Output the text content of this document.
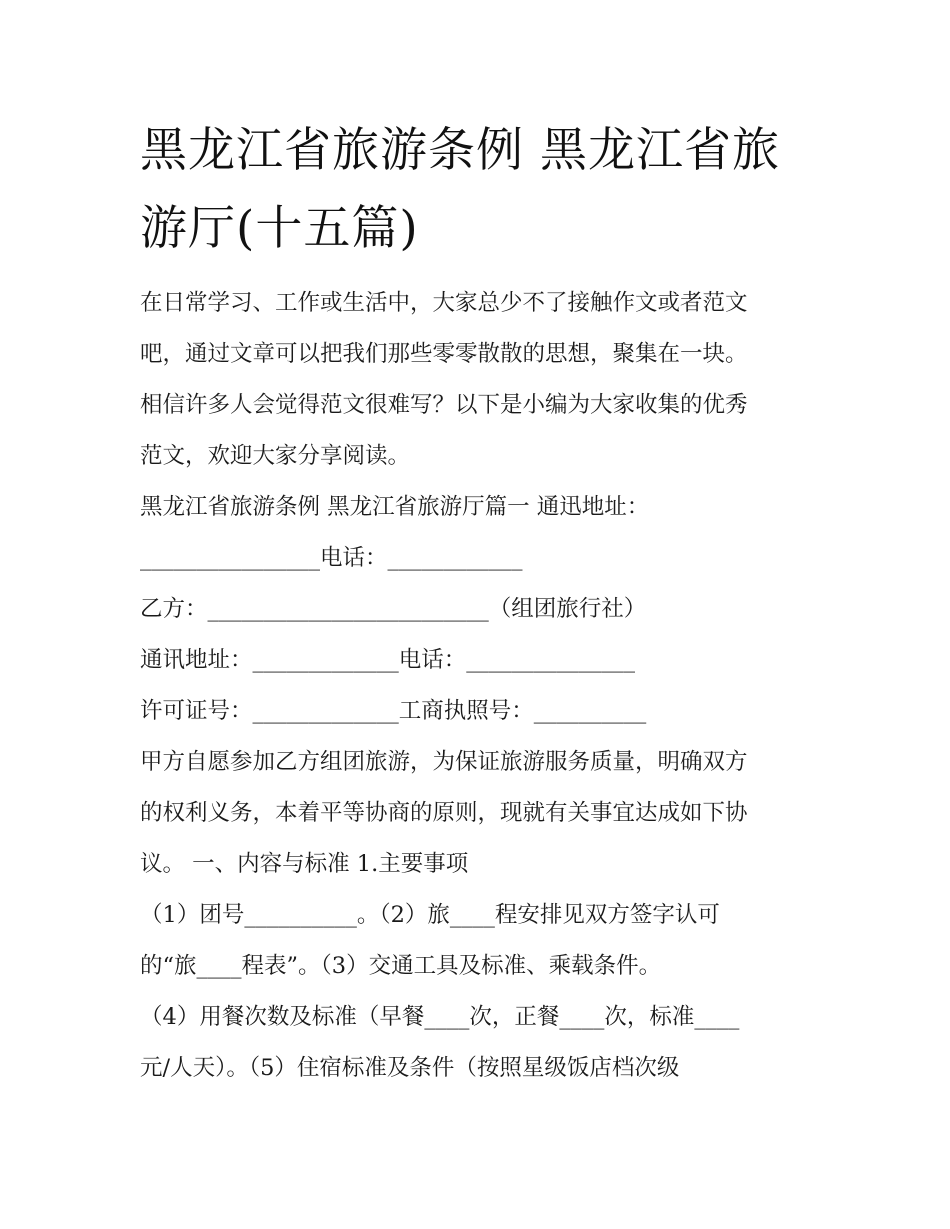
黑龙江省旅游条例 黑龙江省旅
游厅(十五篇)

在日常学习、工作或生活中，大家总少不了接触作文或者范文

吧，通过文章可以把我们那些零零散散的思想，聚集在一块。

相信许多人会觉得范文很难写？以下是小编为大家收集的优秀

范文，欢迎大家分享阅读。

黑龙江省旅游条例 黑龙江省旅游厅篇一 通迅地址：

________________电话：____________

乙方：_________________________（组团旅行社）

通讯地址：_____________电话：_______________

许可证号：_____________工商执照号：__________

甲方自愿参加乙方组团旅游，为保证旅游服务质量，明确双方

的权利义务，本着平等协商的原则，现就有关事宜达成如下协

议。 一、内容与标准 1.主要事项

（1）团号__________。（2）旅____程安排见双方签字认可

的“旅____程表”。（3）交通工具及标准、乘载条件。

（4）用餐次数及标准（早餐____次，正餐____次，标准____

元/人天）。（5）住宿标准及条件（按照星级饭店档次级
